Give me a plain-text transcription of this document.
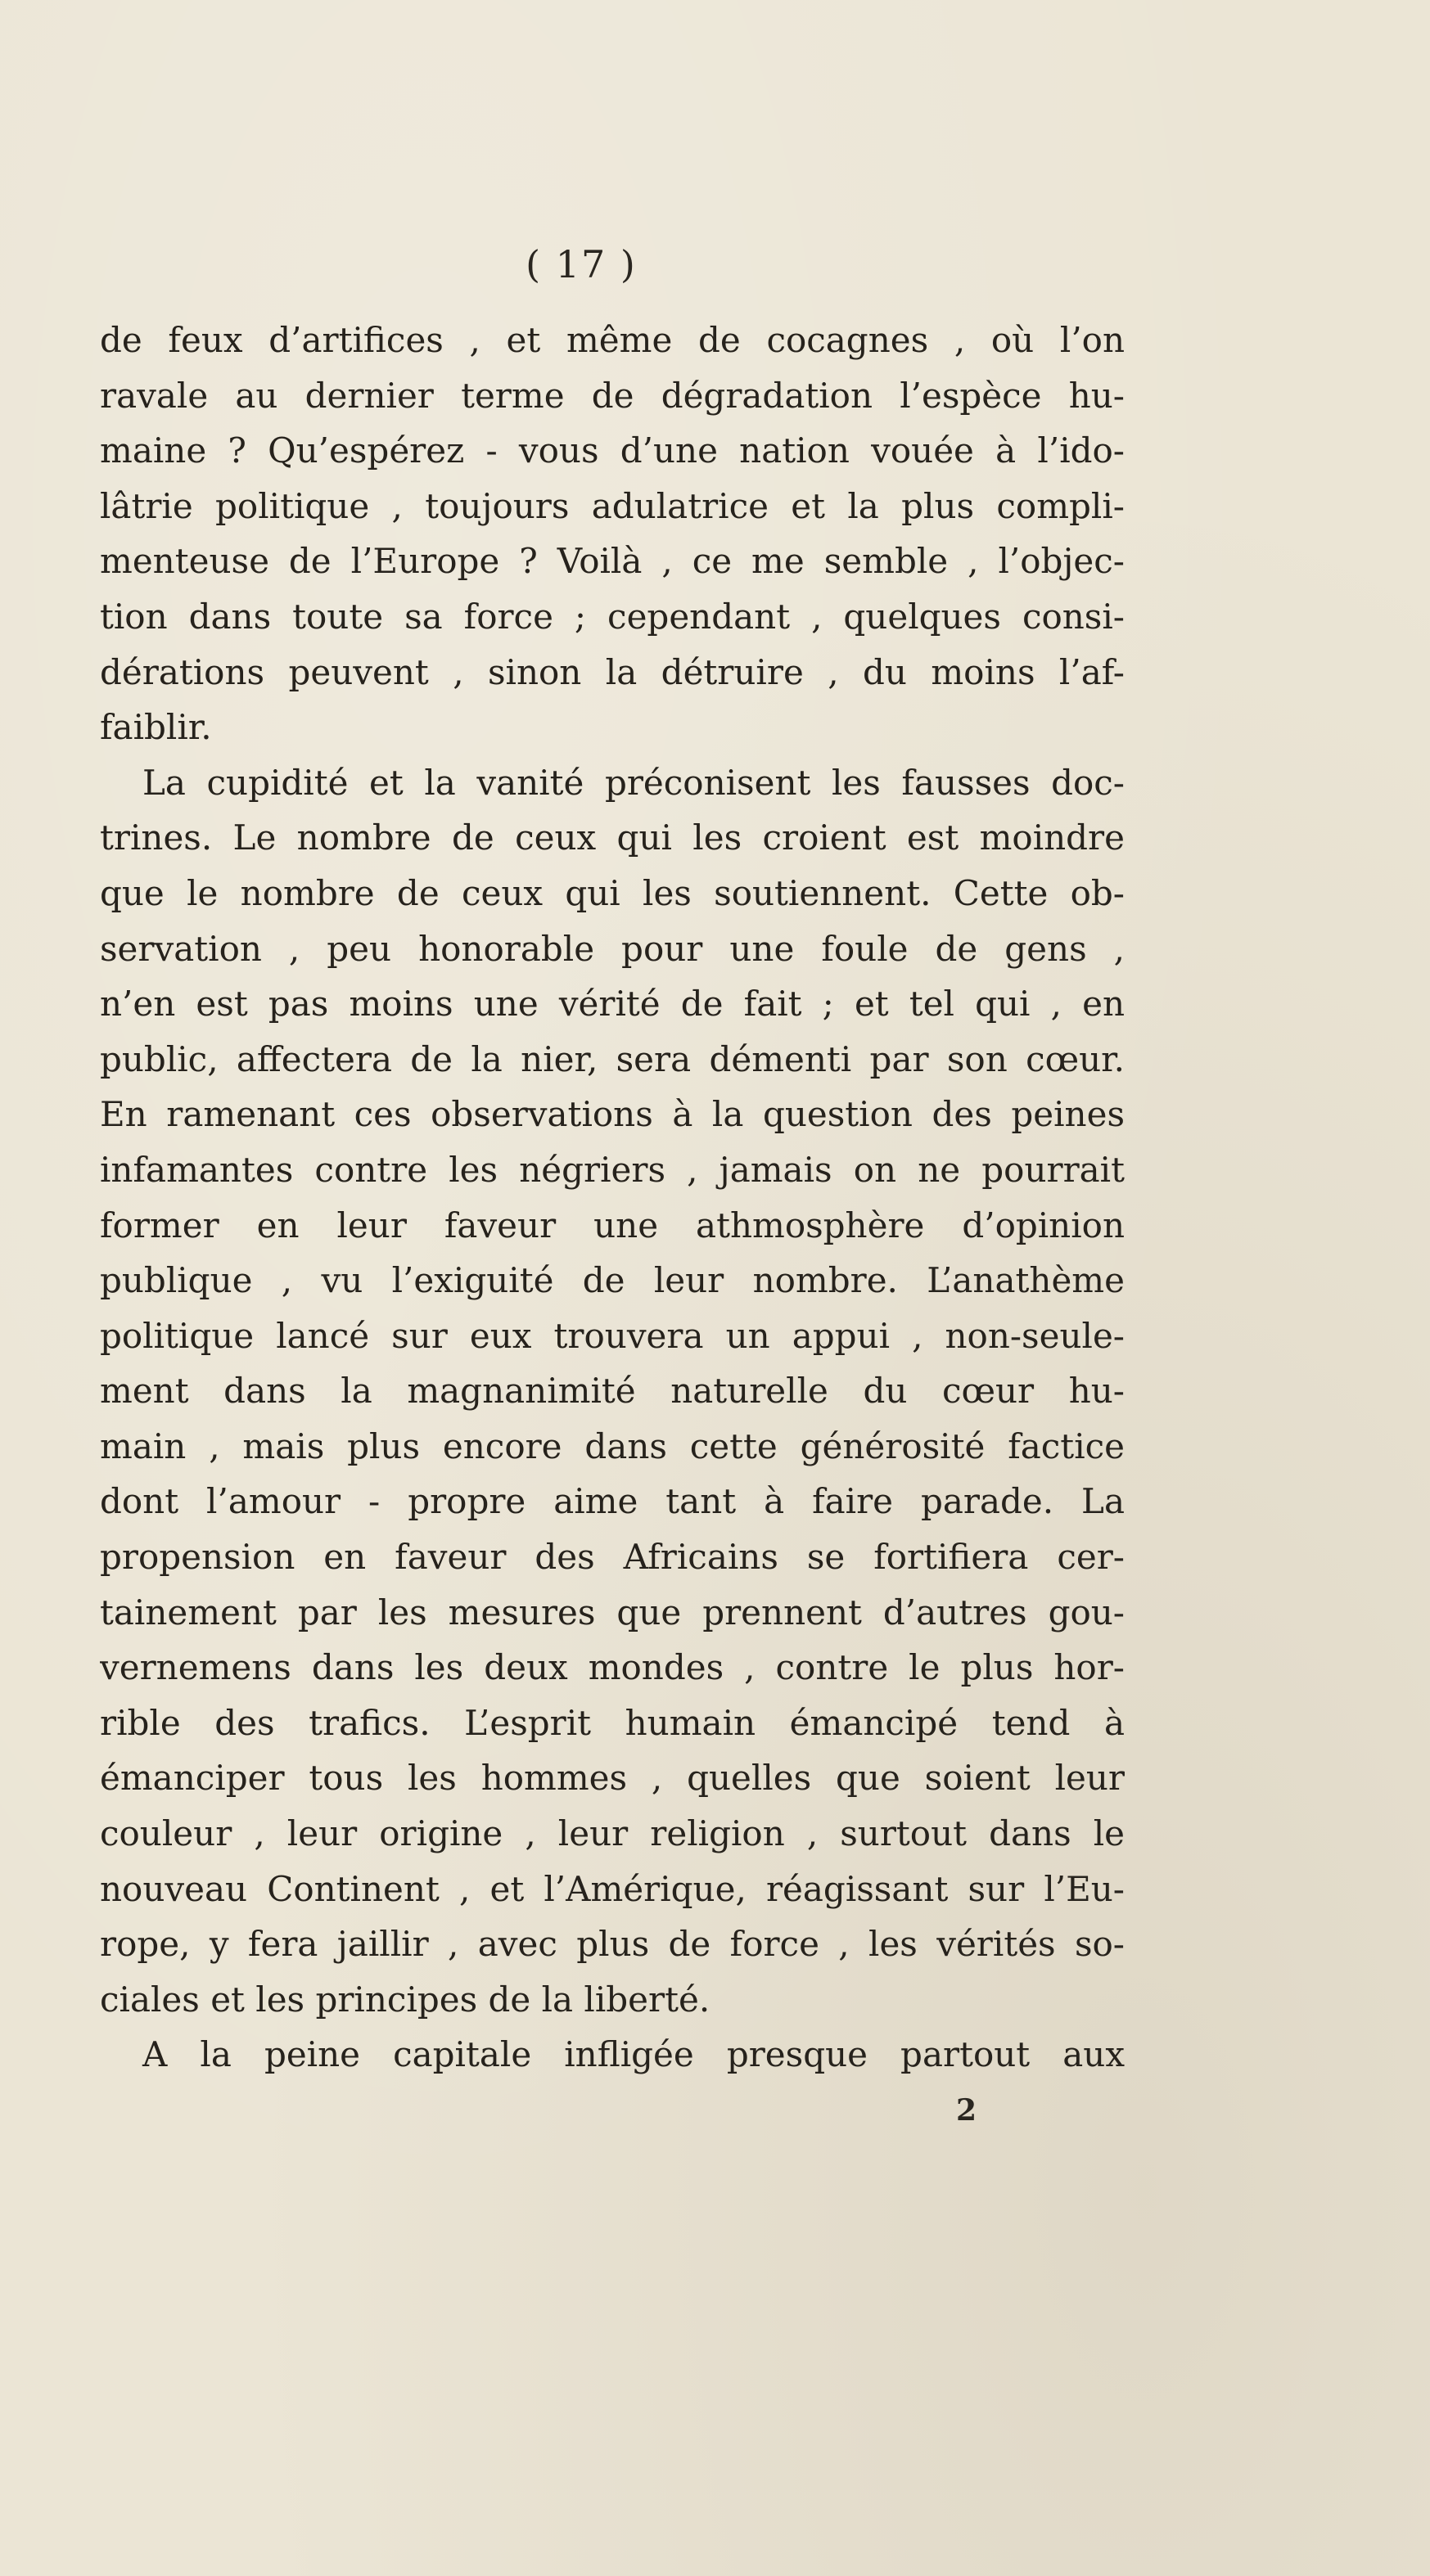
( 17 )
de feux d’artifices , et même de cocagnes , où l’on
ravale au dernier terme de dégradation l’espèce hu-
maine ? Qu’espérez - vous d’une nation vouée à l’ido-
lâtrie politique , toujours adulatrice et la plus compli-
menteuse de l’Europe ? Voilà , ce me semble , l’objec-
tion dans toute sa force ; cependant , quelques consi-
dérations peuvent , sinon la détruire , du moins l’af-
faiblir.
La cupidité et la vanité préconisent les fausses doc-
trines. Le nombre de ceux qui les croient est moindre
que le nombre de ceux qui les soutiennent. Cette ob-
servation , peu honorable pour une foule de gens ,
n’en est pas moins une vérité de fait ; et tel qui , en
public, affectera de la nier, sera démenti par son cœur.
En ramenant ces observations à la question des peines
infamantes contre les négriers , jamais on ne pourrait
former en leur faveur une athmosphère d’opinion
publique , vu l’exiguité de leur nombre. L’anathème
politique lancé sur eux trouvera un appui , non-seule-
ment dans la magnanimité naturelle du cœur hu-
main , mais plus encore dans cette générosité factice
dont l’amour - propre aime tant à faire parade. La
propension en faveur des Africains se fortifiera cer-
tainement par les mesures que prennent d’autres gou-
vernemens dans les deux mondes , contre le plus hor-
rible des trafics. L’esprit humain émancipé tend à
émanciper tous les hommes , quelles que soient leur
couleur , leur origine , leur religion , surtout dans le
nouveau Continent , et l’Amérique, réagissant sur l’Eu-
rope, y fera jaillir , avec plus de force , les vérités so-
ciales et les principes de la liberté.
A la peine capitale infligée presque partout aux
2
